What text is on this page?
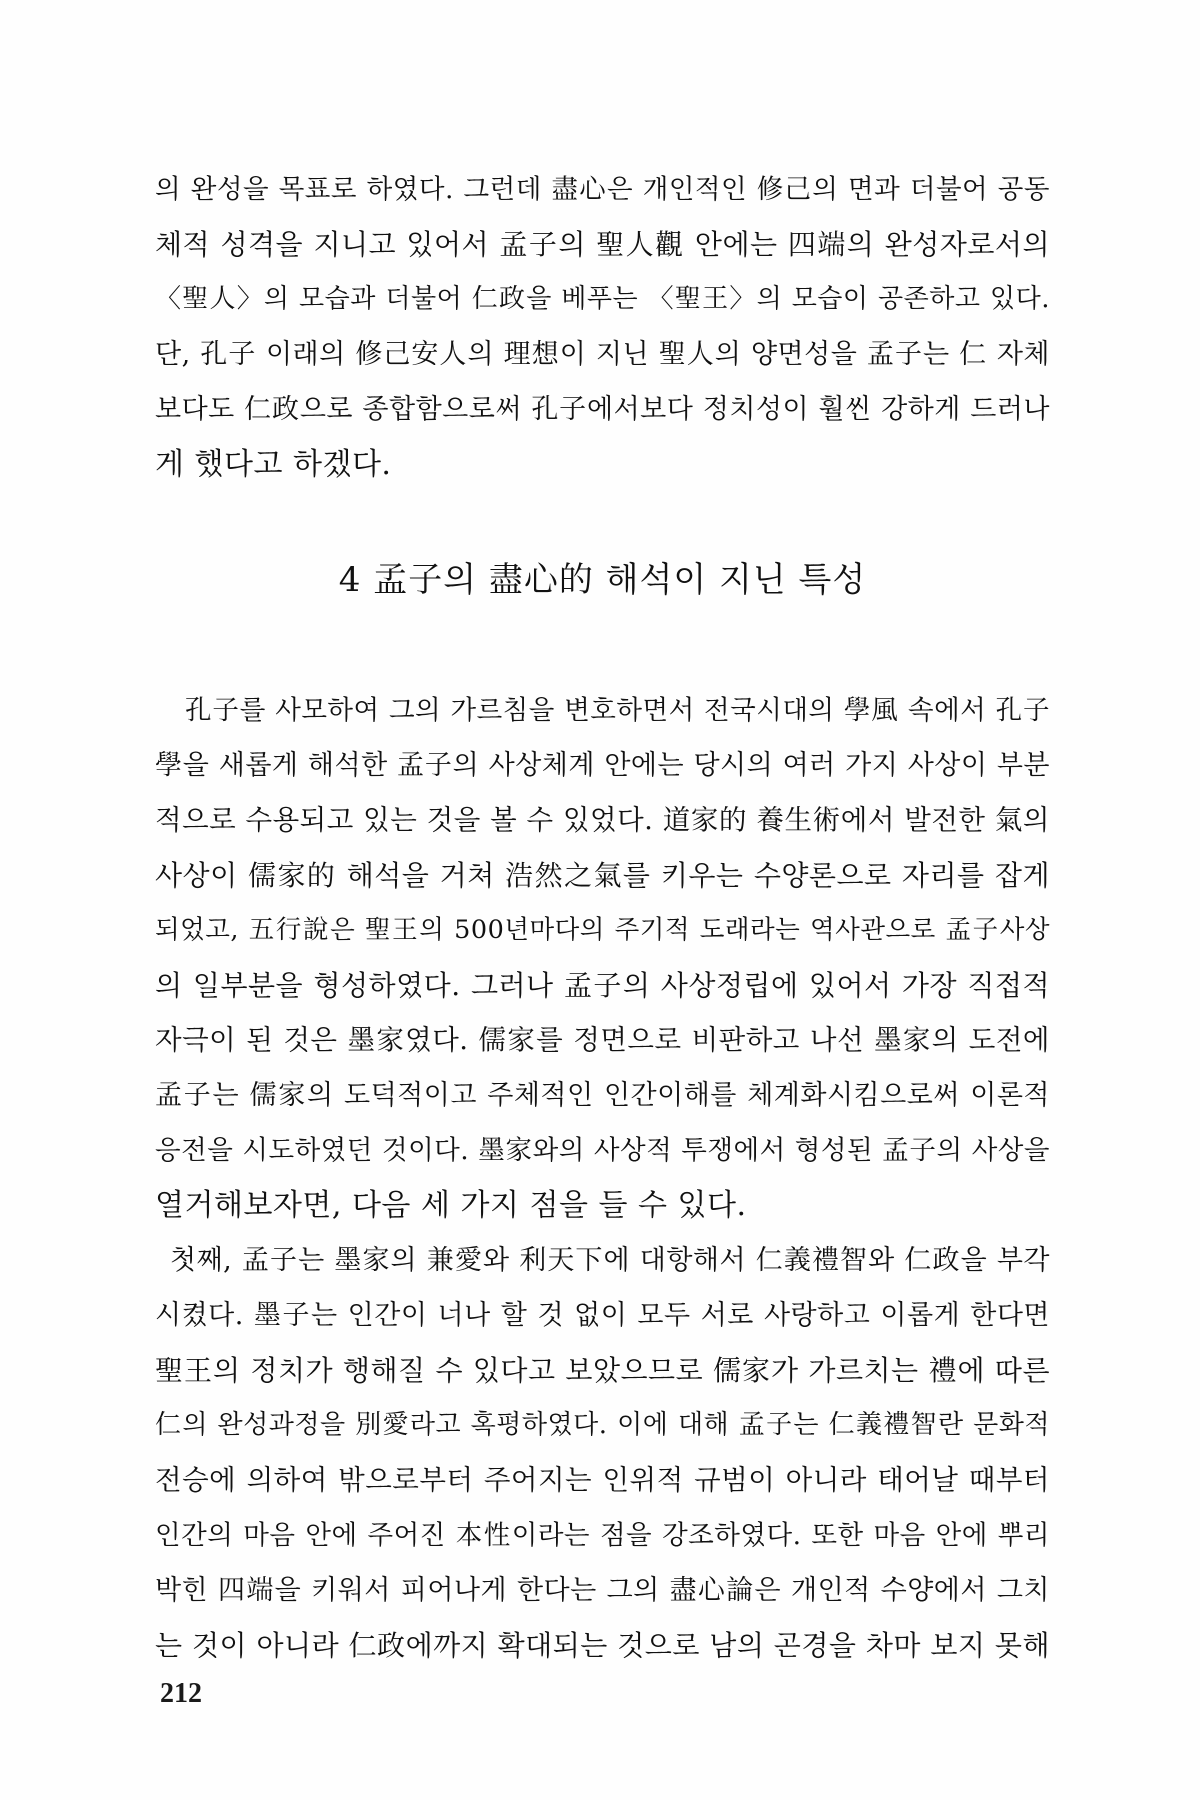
의 완성을 목표로 하였다. 그런데 盡心은 개인적인 修己의 면과 더불어 공동
체적 성격을 지니고 있어서 孟子의 聖人觀 안에는 四端의 완성자로서의
〈聖人〉의 모습과 더불어 仁政을 베푸는 〈聖王〉의 모습이 공존하고 있다.
단, 孔子 이래의 修己安人의 理想이 지닌 聖人의 양면성을 孟子는 仁 자체
보다도 仁政으로 종합함으로써 孔子에서보다 정치성이 훨씬 강하게 드러나
게 했다고 하겠다.
4 孟子의 盡心的 해석이 지닌 특성
孔子를 사모하여 그의 가르침을 변호하면서 전국시대의 學風 속에서 孔子
學을 새롭게 해석한 孟子의 사상체계 안에는 당시의 여러 가지 사상이 부분
적으로 수용되고 있는 것을 볼 수 있었다. 道家的 養生術에서 발전한 氣의
사상이 儒家的 해석을 거쳐 浩然之氣를 키우는 수양론으로 자리를 잡게
되었고, 五行說은 聖王의 500년마다의 주기적 도래라는 역사관으로 孟子사상
의 일부분을 형성하였다. 그러나 孟子의 사상정립에 있어서 가장 직접적
자극이 된 것은 墨家였다. 儒家를 정면으로 비판하고 나선 墨家의 도전에
孟子는 儒家의 도덕적이고 주체적인 인간이해를 체계화시킴으로써 이론적
응전을 시도하였던 것이다. 墨家와의 사상적 투쟁에서 형성된 孟子의 사상을
열거해보자면, 다음 세 가지 점을 들 수 있다.
첫째, 孟子는 墨家의 兼愛와 利天下에 대항해서 仁義禮智와 仁政을 부각
시켰다. 墨子는 인간이 너나 할 것 없이 모두 서로 사랑하고 이롭게 한다면
聖王의 정치가 행해질 수 있다고 보았으므로 儒家가 가르치는 禮에 따른
仁의 완성과정을 別愛라고 혹평하였다. 이에 대해 孟子는 仁義禮智란 문화적
전승에 의하여 밖으로부터 주어지는 인위적 규범이 아니라 태어날 때부터
인간의 마음 안에 주어진 本性이라는 점을 강조하였다. 또한 마음 안에 뿌리
박힌 四端을 키워서 피어나게 한다는 그의 盡心論은 개인적 수양에서 그치
는 것이 아니라 仁政에까지 확대되는 것으로 남의 곤경을 차마 보지 못해
212
